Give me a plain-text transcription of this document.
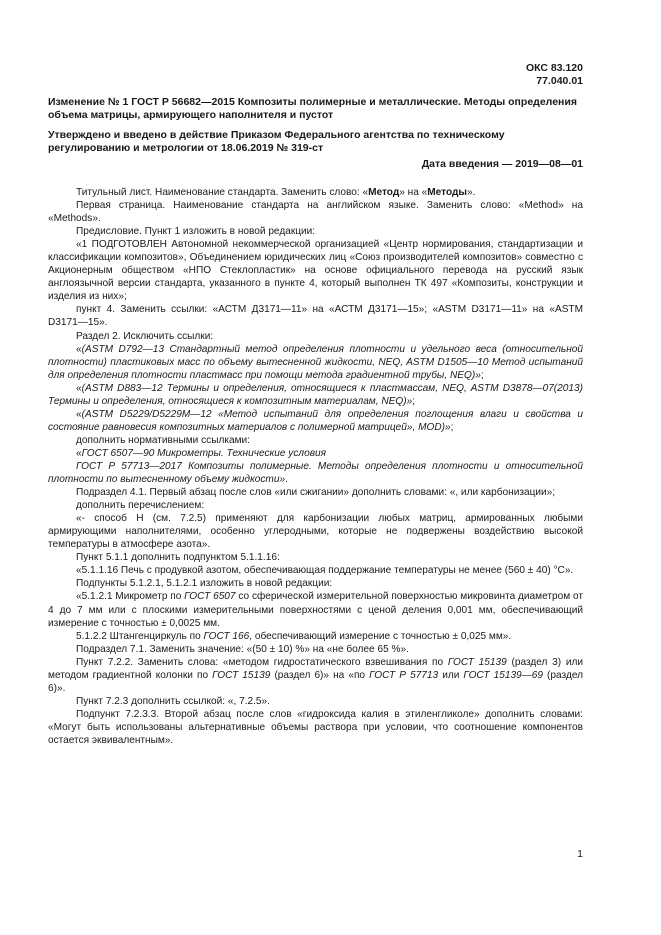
ОКС 83.120
77.040.01
Изменение № 1 ГОСТ Р 56682—2015 Композиты полимерные и металлические. Методы определения объема матрицы, армирующего наполнителя и пустот
Утверждено и введено в действие Приказом Федерального агентства по техническому регулированию и метрологии от 18.06.2019 № 319-ст
Дата введения — 2019—08—01

Титульный лист. Наименование стандарта. Заменить слово: «Метод» на «Методы».

Первая страница. Наименование стандарта на английском языке. Заменить слово: «Method» на «Methods».

Предисловие. Пункт 1 изложить в новой редакции:

«1 ПОДГОТОВЛЕН Автономной некоммерческой организацией «Центр нормирования, стандартизации и классификации композитов», Объединением юридических лиц «Союз производителей композитов» совместно с Акционерным обществом «НПО Стеклопластик» на основе официального перевода на русский язык англоязычной версии стандарта, указанного в пункте 4, который выполнен ТК 497 «Композиты, конструкции и изделия из них»;

пункт 4. Заменить ссылки: «АСТМ Д3171—11» на «АСТМ Д3171—15»; «ASTM D3171—11» на «ASTM D3171—15».

Раздел 2. Исключить ссылки:

«(ASTM D792—13 Стандартный метод определения плотности и удельного веса (относительной плотности) пластиковых масс по объему вытесненной жидкости, NEQ, ASTM D1505—10 Метод испытаний для определения плотности пластмасс при помощи метода градиентной трубы, NEQ)»;

«(ASTM D883—12 Термины и определения, относящиеся к пластмассам, NEQ, ASTM D3878—07(2013) Термины и определения, относящиеся к композитным материалам, NEQ)»;

«(ASTM D5229/D5229M—12 «Метод испытаний для определения поглощения влаги и свойства и состояние равновесия композитных материалов с полимерной матрицей», MOD)»;

дополнить нормативными ссылками:

«ГОСТ 6507—90 Микрометры. Технические условия

ГОСТ Р 57713—2017 Композиты полимерные. Методы определения плотности и относительной плотности по вытесненному объему жидкости».

Подраздел 4.1. Первый абзац после слов «или сжигании» дополнить словами: «, или карбонизации»;

дополнить перечислением:

«- способ Н (см. 7.2.5) применяют для карбонизации любых матриц, армированных любыми армирующими наполнителями, особенно углеродными, которые не подвержены воздействию высокой температуры в атмосфере азота».

Пункт 5.1.1 дополнить подпунктом 5.1.1.16:

«5.1.1.16 Печь с продувкой азотом, обеспечивающая поддержание температуры не менее (560 ± 40) °С».

Подпункты 5.1.2.1, 5.1.2.1 изложить в новой редакции:

«5.1.2.1 Микрометр по ГОСТ 6507 со сферической измерительной поверхностью микровинта диаметром от 4 до 7 мм или с плоскими измерительными поверхностями с ценой деления 0,001 мм, обеспечивающий измерение с точностью ± 0,0025 мм.

5.1.2.2 Штангенциркуль по ГОСТ 166, обеспечивающий измерение с точностью ± 0,025 мм».

Подраздел 7.1. Заменить значение: «(50 ± 10) %» на «не более 65 %».

Пункт 7.2.2. Заменить слова: «методом гидростатического взвешивания по ГОСТ 15139 (раздел 3) или методом градиентной колонки по ГОСТ 15139 (раздел 6)» на «по ГОСТ Р 57713 или ГОСТ 15139—69 (раздел 6)».

Пункт 7.2.3 дополнить ссылкой: «, 7.2.5».

Подпункт 7.2.3.3. Второй абзац после слов «гидроксида калия в этиленгликоле» дополнить словами: «Могут быть использованы альтернативные объемы раствора при условии, что соотношение компонентов остается эквивалентным».

1
